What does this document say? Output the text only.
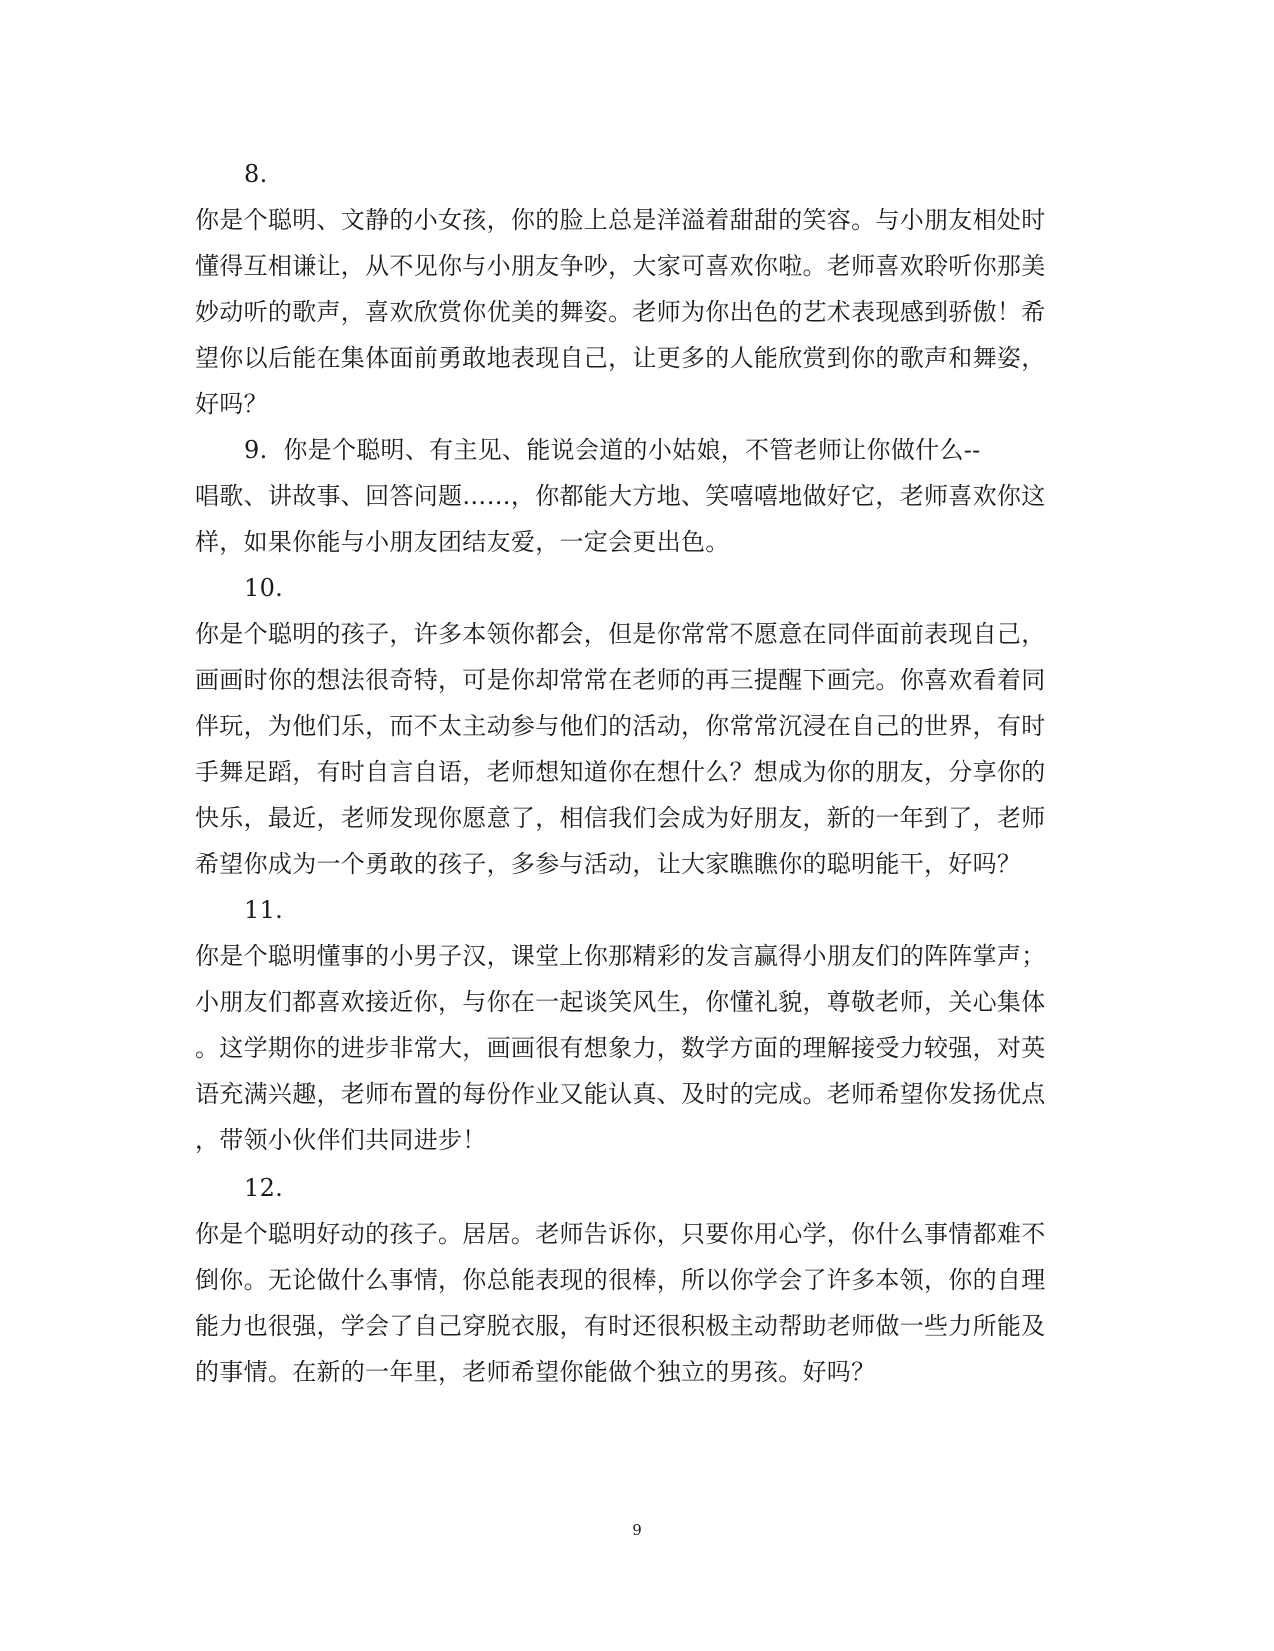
8.
你是个聪明、文静的小女孩，你的脸上总是洋溢着甜甜的笑容。与小朋友相处时
懂得互相谦让，从不见你与小朋友争吵，大家可喜欢你啦。老师喜欢聆听你那美
妙动听的歌声，喜欢欣赏你优美的舞姿。老师为你出色的艺术表现感到骄傲！希
望你以后能在集体面前勇敢地表现自己，让更多的人能欣赏到你的歌声和舞姿，
好吗？
9. 你是个聪明、有主见、能说会道的小姑娘，不管老师让你做什么--
唱歌、讲故事、回答问题……，你都能大方地、笑嘻嘻地做好它，老师喜欢你这
样，如果你能与小朋友团结友爱，一定会更出色。
10.
你是个聪明的孩子，许多本领你都会，但是你常常不愿意在同伴面前表现自己，
画画时你的想法很奇特，可是你却常常在老师的再三提醒下画完。你喜欢看着同
伴玩，为他们乐，而不太主动参与他们的活动，你常常沉浸在自己的世界，有时
手舞足蹈，有时自言自语，老师想知道你在想什么？想成为你的朋友，分享你的
快乐，最近，老师发现你愿意了，相信我们会成为好朋友，新的一年到了，老师
希望你成为一个勇敢的孩子，多参与活动，让大家瞧瞧你的聪明能干，好吗？
11.
你是个聪明懂事的小男子汉，课堂上你那精彩的发言赢得小朋友们的阵阵掌声；
小朋友们都喜欢接近你，与你在一起谈笑风生，你懂礼貌，尊敬老师，关心集体
。这学期你的进步非常大，画画很有想象力，数学方面的理解接受力较强，对英
语充满兴趣，老师布置的每份作业又能认真、及时的完成。老师希望你发扬优点
，带领小伙伴们共同进步！
12.
你是个聪明好动的孩子。居居。老师告诉你，只要你用心学，你什么事情都难不
倒你。无论做什么事情，你总能表现的很棒，所以你学会了许多本领，你的自理
能力也很强，学会了自己穿脱衣服，有时还很积极主动帮助老师做一些力所能及
的事情。在新的一年里，老师希望你能做个独立的男孩。好吗？
9
